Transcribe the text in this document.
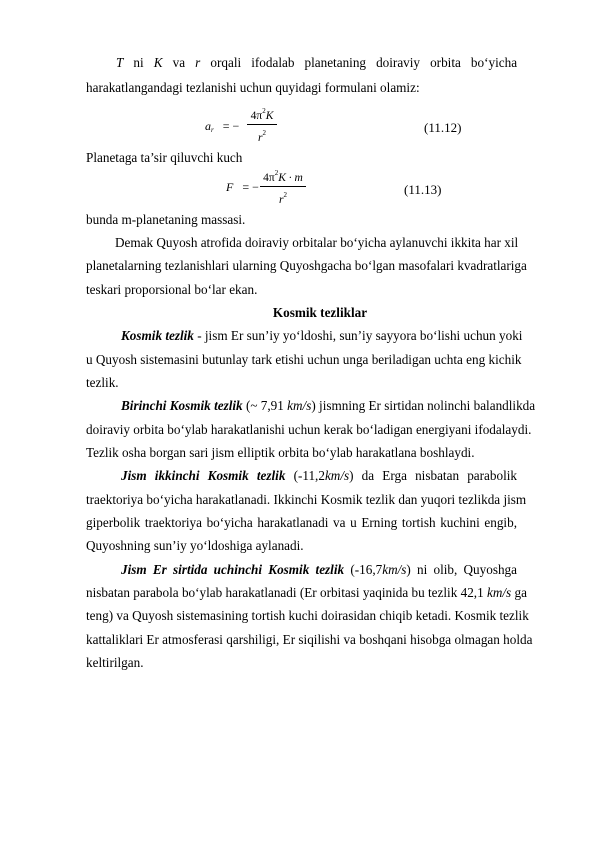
T ni K va r orqali ifodalab planetaning doiraviy orbita bo‘yicha
harakatlangandagi tezlanishi uchun quyidagi formulani olamiz:
$a_r$ = −
$4\pi^2K$
$r^2$	(11.12)
Planetaga ta’sir qiluvchi kuch
F = −
$4\pi^2K \cdot m$
$r^2$	(11.13)
bunda m-planetaning massasi.
Demak Quyosh atrofida doiraviy orbitalar bo‘yicha aylanuvchi ikkita har xil
planetalarning tezlanishlari ularning Quyoshgacha bo‘lgan masofalari kvadratlariga
teskari proporsional bo‘lar ekan.
Kosmik tezliklar
Kosmik tezlik - jism Er sun’iy yo‘ldoshi, sun’iy sayyora bo‘lishi uchun yoki
u Quyosh sistemasini butunlay tark etishi uchun unga beriladigan uchta eng kichik
tezlik.
Birinchi Kosmik tezlik (~ 7,91 km/s) jismning Er sirtidan nolinchi balandlikda
doiraviy orbita bo‘ylab harakatlanishi uchun kerak bo‘ladigan energiyani ifodalaydi.
Tezlik osha borgan sari jism elliptik orbita bo‘ylab harakatlana boshlaydi.
Jism ikkinchi Kosmik tezlik (-11,2km/s) da Erga nisbatan parabolik
traektoriya bo‘yicha harakatlanadi. Ikkinchi Kosmik tezlik dan yuqori tezlikda jism
giperbolik traektoriya bo‘yicha harakatlanadi va u Erning tortish kuchini engib,
Quyoshning sun’iy yo‘ldoshiga aylanadi.
Jism Er sirtida uchinchi Kosmik tezlik (-16,7km/s) ni olib, Quyoshga
nisbatan parabola bo‘ylab harakatlanadi (Er orbitasi yaqinida bu tezlik 42,1 km/s ga
teng) va Quyosh sistemasining tortish kuchi doirasidan chiqib ketadi. Kosmik tezlik
kattaliklari Er atmosferasi qarshiligi, Er siqilishi va boshqani hisobga olmagan holda
keltirilgan.
